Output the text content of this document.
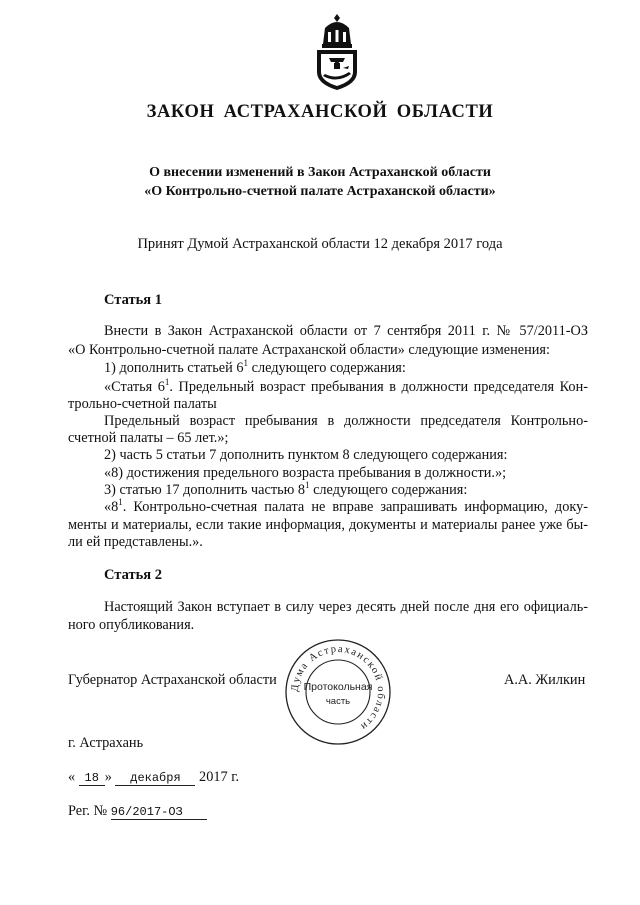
ЗАКОН АСТРАХАНСКОЙ ОБЛАСТИ
О внесении изменений в Закон Астраханской области
«О Контрольно-счетной палате Астраханской области»
Принят Думой Астраханской области 12 декабря 2017 года
Статья 1
Внести в Закон Астраханской области от 7 сентября 2011 г. № 57/2011-ОЗ
«О Контрольно-счетной палате Астраханской области» следующие изменения:
1) дополнить статьей $6^1$ следующего содержания:
«Статья $6^1$. Предельный возраст пребывания в должности председателя Кон-
трольно-счетной палаты
Предельный возраст пребывания в должности председателя Контрольно-
счетной палаты – 65 лет.»;
2) часть 5 статьи 7 дополнить пунктом 8 следующего содержания:
«8) достижения предельного возраста пребывания в должности.»;
3) статью 17 дополнить частью $8^1$ следующего содержания:
«$8^1$. Контрольно-счетная палата не вправе запрашивать информацию, доку-
менты и материалы, если такие информация, документы и материалы ранее уже бы-
ли ей представлены.».
Статья 2
Настоящий Закон вступает в силу через десять дней после дня его официаль-
ного опубликования.
Губернатор Астраханской области	А.А. Жилкин
Дума Астраханской области
Протокольная
часть
г. Астрахань
« 18 » декабря 2017 г.
Рег. № 96/2017-ОЗ
